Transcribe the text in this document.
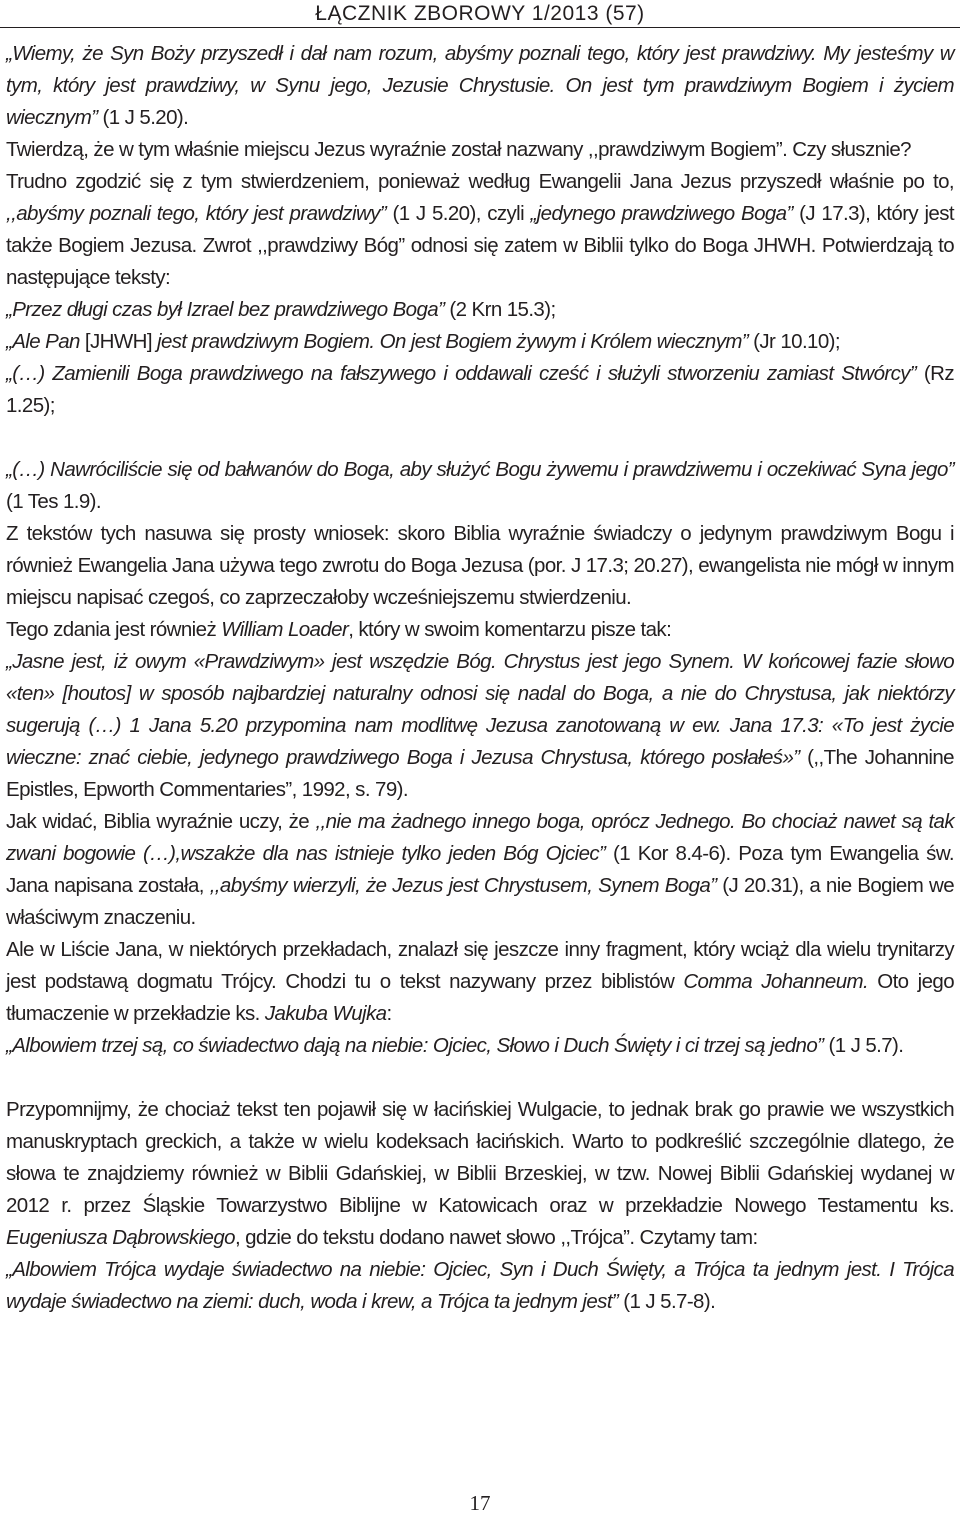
ŁĄCZNIK ZBOROWY 1/2013 (57)

„Wiemy, że Syn Boży przyszedł i dał nam rozum, abyśmy poznali tego, który jest prawdziwy. My jesteśmy w tym, który jest prawdziwy, w Synu jego, Jezusie Chrystusie. On jest tym prawdziwym Bogiem i życiem wiecznym” (1 J 5.20).

Twierdzą, że w tym właśnie miejscu Jezus wyraźnie został nazwany ,,prawdziwym Bogiem”. Czy słusznie?

Trudno zgodzić się z tym stwierdzeniem, ponieważ według Ewangelii Jana Jezus przyszedł właśnie po to, ,,abyśmy poznali tego, który jest prawdziwy” (1 J 5.20), czyli „jedynego prawdziwego Boga” (J 17.3), który jest także Bogiem Jezusa. Zwrot ,,prawdziwy Bóg” odnosi się zatem w Biblii tylko do Boga JHWH. Potwierdzają to następujące teksty:

„Przez długi czas był Izrael bez prawdziwego Boga” (2 Krn 15.3);

„Ale Pan [JHWH] jest prawdziwym Bogiem. On jest Bogiem żywym i Królem wiecznym” (Jr 10.10);

„(…) Zamienili Boga prawdziwego na fałszywego i oddawali cześć i służyli stworzeniu zamiast Stwórcy” (Rz 1.25);

„(…) Nawróciliście się od bałwanów do Boga, aby służyć Bogu żywemu i prawdziwemu i oczekiwać Syna jego” (1 Tes 1.9).

Z tekstów tych nasuwa się prosty wniosek: skoro Biblia wyraźnie świadczy o jedynym prawdziwym Bogu i również Ewangelia Jana używa tego zwrotu do Boga Jezusa (por. J 17.3; 20.27), ewangelista nie mógł w innym miejscu napisać czegoś, co zaprzeczałoby wcześniejszemu stwierdzeniu.

Tego zdania jest również William Loader, który w swoim komentarzu pisze tak:

„Jasne jest, iż owym «Prawdziwym» jest wszędzie Bóg. Chrystus jest jego Synem. W końcowej fazie słowo «ten» [houtos] w sposób najbardziej naturalny odnosi się nadal do Boga, a nie do Chrystusa, jak niektórzy sugerują (…) 1 Jana 5.20 przypomina nam modlitwę Jezusa zanotowaną w ew. Jana 17.3: «To jest życie wieczne: znać ciebie, jedynego prawdziwego Boga i Jezusa Chrystusa, którego posłałeś»” (,,The Johannine Epistles, Epworth Commentaries”, 1992, s. 79).

Jak widać, Biblia wyraźnie uczy, że ,,nie ma żadnego innego boga, oprócz Jednego. Bo chociaż nawet są tak zwani bogowie (…),wszakże dla nas istnieje tylko jeden Bóg Ojciec” (1 Kor 8.4-6). Poza tym Ewangelia św. Jana napisana została, ,,abyśmy wierzyli, że Jezus jest Chrystusem, Synem Boga” (J 20.31), a nie Bogiem we właściwym znaczeniu.

Ale w Liście Jana, w niektórych przekładach, znalazł się jeszcze inny fragment, który wciąż dla wielu trynitarzy jest podstawą dogmatu Trójcy. Chodzi tu o tekst nazywany przez biblistów Comma Johanneum. Oto jego tłumaczenie w przekładzie ks. Jakuba Wujka:

„Albowiem trzej są, co świadectwo dają na niebie: Ojciec, Słowo i Duch Święty i ci trzej są jedno” (1 J 5.7).

Przypomnijmy, że chociaż tekst ten pojawił się w łacińskiej Wulgacie, to jednak brak go prawie we wszystkich manuskryptach greckich, a także w wielu kodeksach łacińskich. Warto to podkreślić szczególnie dlatego, że słowa te znajdziemy również w Biblii Gdańskiej, w Biblii Brzeskiej, w tzw. Nowej Biblii Gdańskiej wydanej w 2012 r. przez Śląskie Towarzystwo Biblijne w Katowicach oraz w przekładzie Nowego Testamentu ks. Eugeniusza Dąbrowskiego, gdzie do tekstu dodano nawet słowo ,,Trójca”. Czytamy tam:

„Albowiem Trójca wydaje świadectwo na niebie: Ojciec, Syn i Duch Święty, a Trójca ta jednym jest. I Trójca wydaje świadectwo na ziemi: duch, woda i krew, a Trójca ta jednym jest” (1 J 5.7-8).

17
